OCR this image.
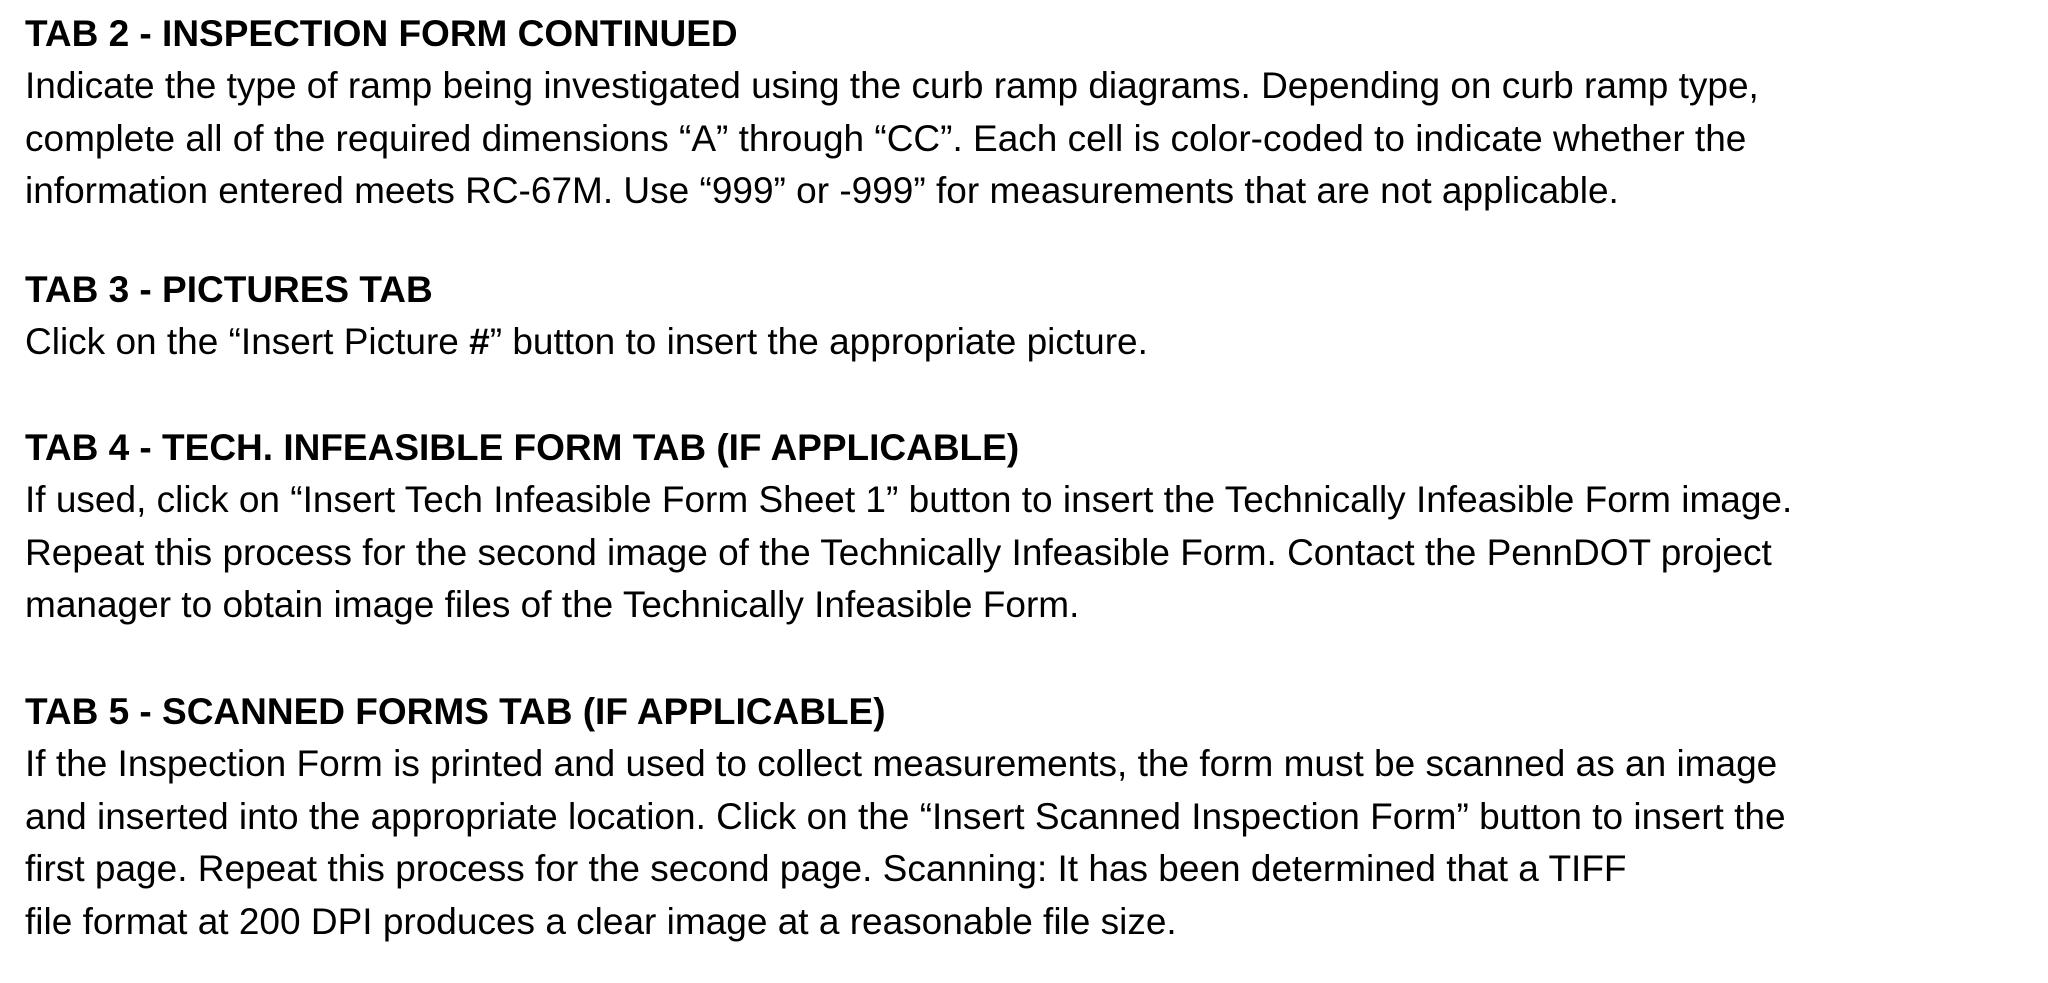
TAB 2 - INSPECTION FORM CONTINUED
Indicate the type of ramp being investigated using the curb ramp diagrams. Depending on curb ramp type,
complete all of the required dimensions “A” through “CC”. Each cell is color-coded to indicate whether the
information entered meets RC-67M. Use “999” or -999” for measurements that are not applicable.
TAB 3 - PICTURES TAB
Click on the “Insert Picture #” button to insert the appropriate picture.
TAB 4 - TECH. INFEASIBLE FORM TAB (IF APPLICABLE)
If used, click on “Insert Tech Infeasible Form Sheet 1” button to insert the Technically Infeasible Form image.
Repeat this process for the second image of the Technically Infeasible Form. Contact the PennDOT project
manager to obtain image files of the Technically Infeasible Form.
TAB 5 - SCANNED FORMS TAB (IF APPLICABLE)
If the Inspection Form is printed and used to collect measurements, the form must be scanned as an image
and inserted into the appropriate location. Click on the “Insert Scanned Inspection Form” button to insert the
first page. Repeat this process for the second page. Scanning: It has been determined that a TIFF
file format at 200 DPI produces a clear image at a reasonable file size.
